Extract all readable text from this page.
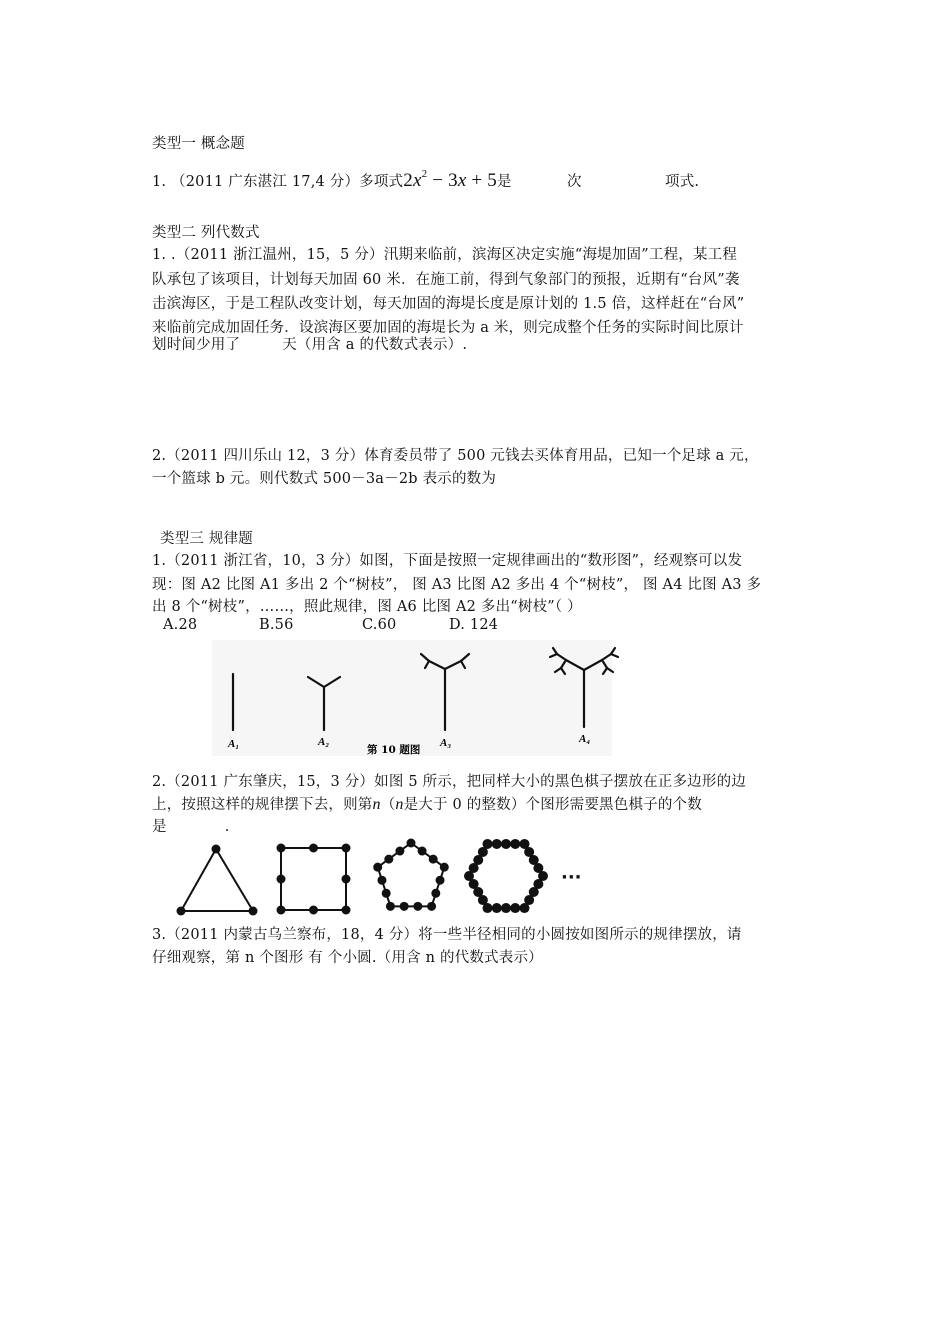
类型一 概念题
1. （2011 广东湛江 17,4 分）多项式$2x^2 - 3x + 5$是	次	项式.
类型二 列代数式
1. .（2011 浙江温州，15，5 分）汛期来临前，滨海区决定实施“海堤加固”工程，某工程
队承包了该项目，计划每天加固 60 米．在施工前，得到气象部门的预报，近期有“台风”袭
击滨海区，于是工程队改变计划，每天加固的海堤长度是原计划的 1.5 倍，这样赶在“台风”
来临前完成加固任务．设滨海区要加固的海堤长为 a 米，则完成整个任务的实际时间比原计
划时间少用了	天（用含 a 的代数式表示）.
2.（2011 四川乐山 12，3 分）体育委员带了 500 元钱去买体育用品，已知一个足球 a 元，
一个篮球 b 元。则代数式 500－3a－2b 表示的数为
类型三 规律题
1.（2011 浙江省，10，3 分）如图，下面是按照一定规律画出的“数形图”，经观察可以发
现：图 A2 比图 A1 多出 2 个“树枝”， 图 A3 比图 A2 多出 4 个“树枝”， 图 A4 比图 A3 多
出 8 个“树枝”，……，照此规律，图 A6 比图 A2 多出“树枝”（ ）
A.28	B.56	C.60	D. 124
A₁	A₂	A₃	A₄
第 10 题图
2.（2011 广东肇庆，15，3 分）如图 5 所示，把同样大小的黑色棋子摆放在正多边形的边
上，按照这样的规律摆下去，则第n（n是大于 0 的整数）个图形需要黑色棋子的个数
是	.
···
3.（2011 内蒙古乌兰察布，18，4 分）将一些半径相同的小圆按如图所示的规律摆放，请
仔细观察，第 n 个图形 有 个小圆.（用含 n 的代数式表示）
